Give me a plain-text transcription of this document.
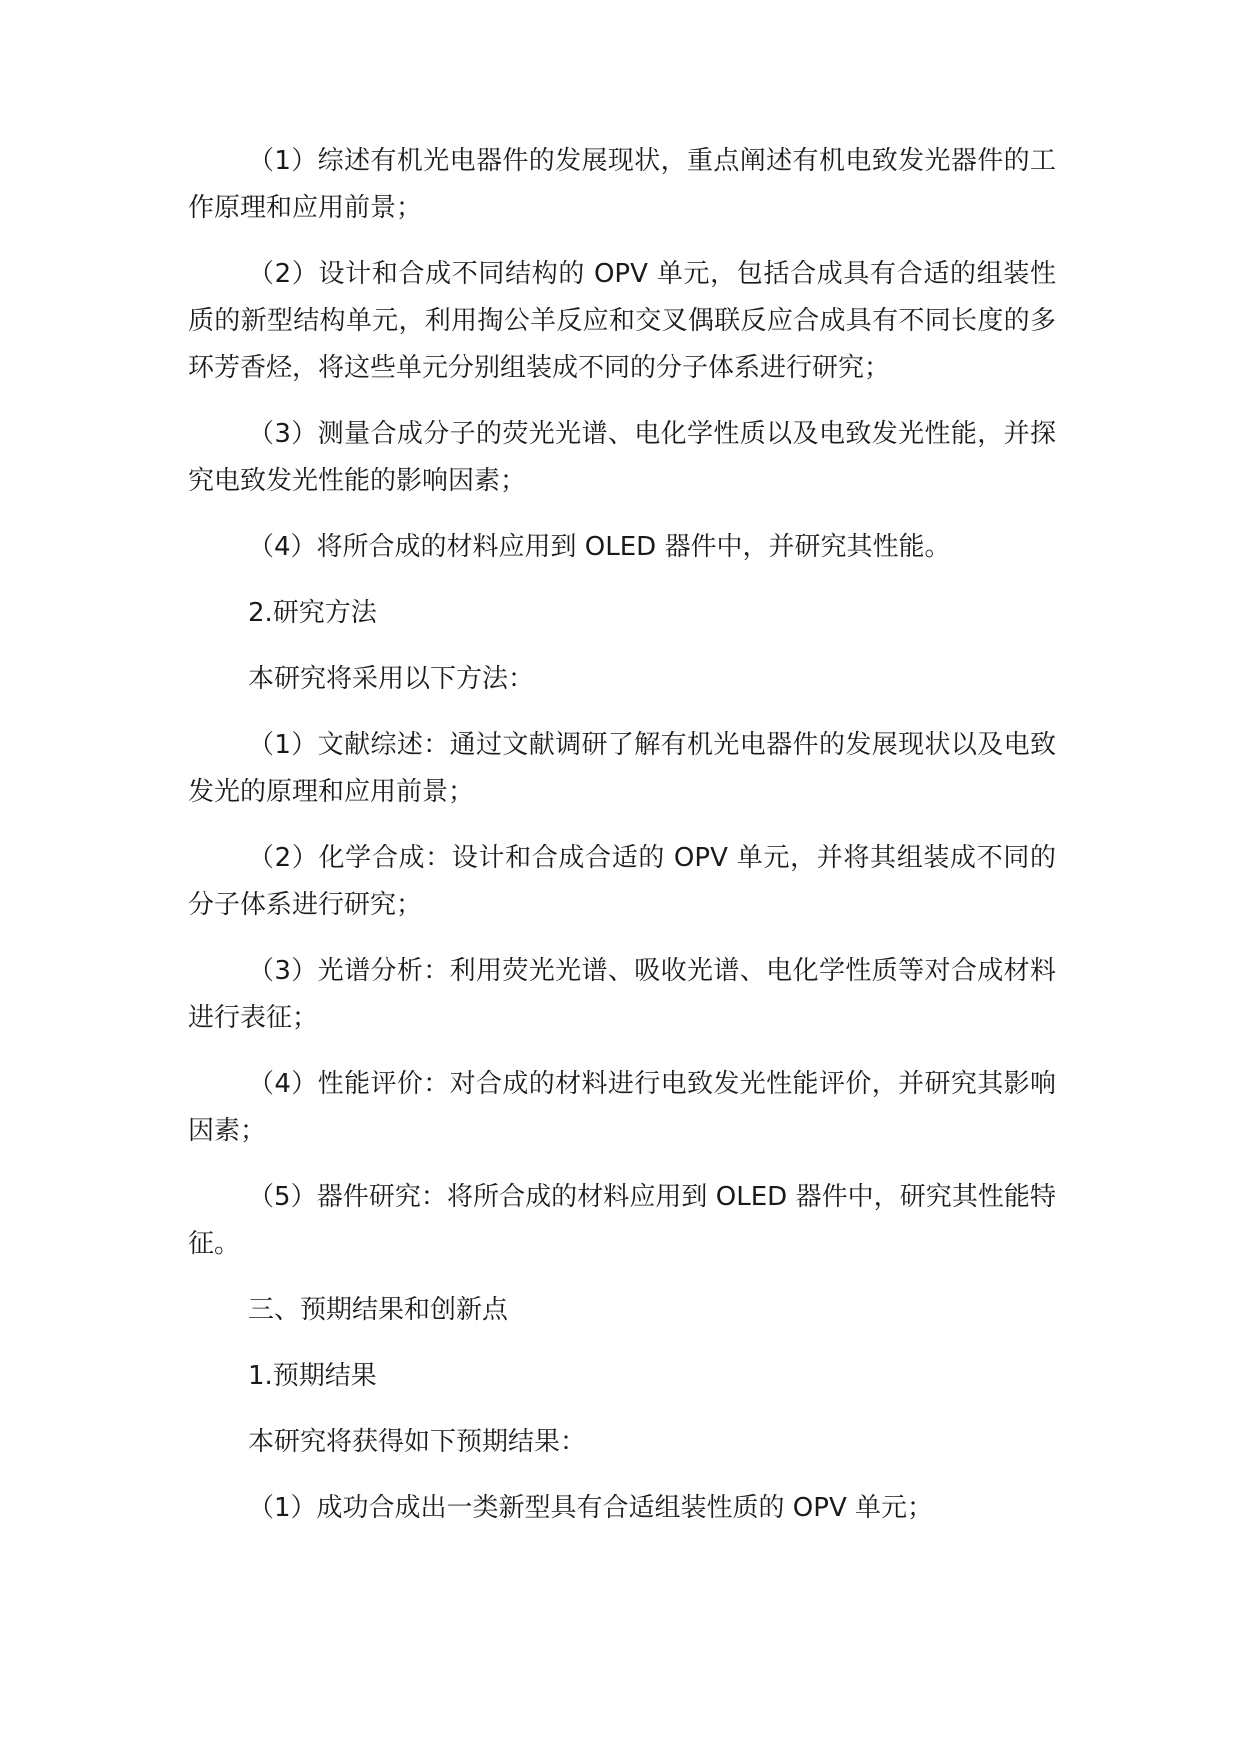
（1）综述有机光电器件的发展现状，重点阐述有机电致发光器件的工作原理和应用前景；

（2）设计和合成不同结构的 OPV 单元，包括合成具有合适的组装性质的新型结构单元，利用掏公羊反应和交叉偶联反应合成具有不同长度的多环芳香烃，将这些单元分别组装成不同的分子体系进行研究；

（3）测量合成分子的荧光光谱、电化学性质以及电致发光性能，并探究电致发光性能的影响因素；

（4）将所合成的材料应用到 OLED 器件中，并研究其性能。

2.研究方法

本研究将采用以下方法：

（1）文献综述：通过文献调研了解有机光电器件的发展现状以及电致发光的原理和应用前景；

（2）化学合成：设计和合成合适的 OPV 单元，并将其组装成不同的分子体系进行研究；

（3）光谱分析：利用荧光光谱、吸收光谱、电化学性质等对合成材料进行表征；

（4）性能评价：对合成的材料进行电致发光性能评价，并研究其影响因素；

（5）器件研究：将所合成的材料应用到 OLED 器件中，研究其性能特征。

三、预期结果和创新点

1.预期结果

本研究将获得如下预期结果：

（1）成功合成出一类新型具有合适组装性质的 OPV 单元；
